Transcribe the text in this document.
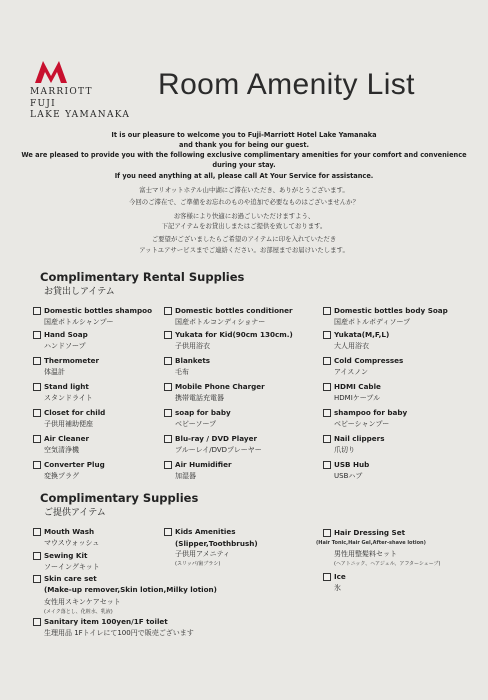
MARRIOTT
FUJI
LAKE YAMANAKA
Room Amenity List
It is our pleasure to welcome you to Fuji-Marriott Hotel Lake Yamanaka
and thank you for being our guest.
We are pleased to provide you with the following exclusive complimentary amenities for your comfort and convenience
during your stay.
If you need anything at all, please call At Your Service for assistance.
富士マリオットホテル山中湖にご滞在いただき、ありがとうございます。
今回のご滞在で、ご準備をお忘れのものや追加で必要なものはございませんか？
お客様により快適にお過ごしいただけますよう、
下記アイテムをお貸出しまたはご提供を致しております。
ご要望がございましたらご希望のアイテムに印を入れていただき
アットユアサービスまでご連絡ください。お部屋までお届けいたします。
Complimentary Rental Supplies
お貸出しアイテム
Domestic bottles shampoo
国産ボトルシャンプー
Hand Soap
ハンドソープ
Thermometer
体温計
Stand light
スタンドライト
Closet for child
子供用補助便座
Air Cleaner
空気清浄機
Converter Plug
変換プラグ
Domestic bottles conditioner
国産ボトルコンディショナー
Yukata for Kid(90cm 130cm.)
子供用浴衣
Blankets
毛布
Mobile Phone Charger
携帯電話充電器
soap for baby
ベビーソープ
Blu-ray / DVD Player
ブルーレイ/DVDプレーヤー
Air Humidifier
加湿器
Domestic bottles body Soap
国産ボトルボディソープ
Yukata(M,F,L)
大人用浴衣
Cold Compresses
アイスノン
HDMI Cable
HDMIケーブル
shampoo for baby
ベビーシャンプー
Nail clippers
爪切り
USB Hub
USBハブ
Complimentary Supplies
ご提供アイテム
Mouth Wash
マウスウォッシュ
Sewing Kit
ソーイングキット
Skin care set
(Make-up remover,Skin lotion,Milky lotion)
女性用スキンケアセット
(メイク落とし、化粧水、乳液)
Sanitary item 100yen/1F toilet
生理用品 1Fトイレにて100円で販売ございます
Kids Amenities
(Slipper,Toothbrush)
子供用アメニティ
(スリッパ/歯ブラシ)
Hair Dressing Set
(Hair Tonic,Hair Gel,After-shave lotion)
男性用整髪料セット
(ヘアトニック、ヘアジェル、アフターシェーブ)
Ice
氷
